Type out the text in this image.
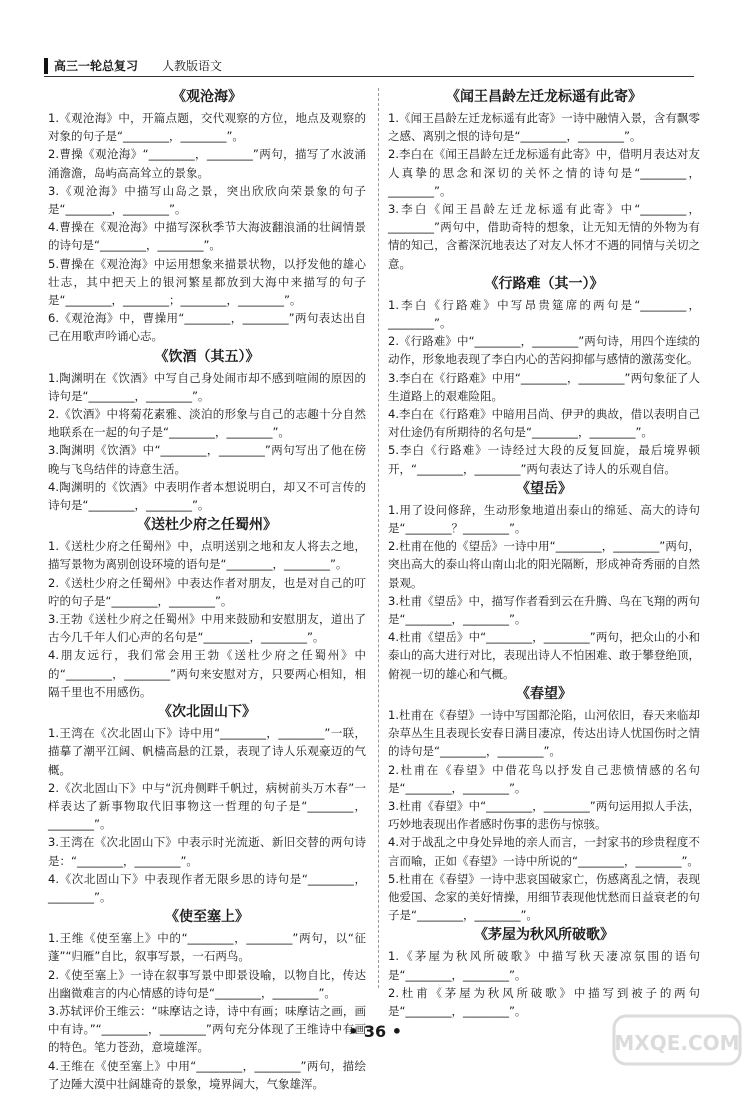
高三一轮总复习 人教版语文
《观沧海》

1.《观沧海》中，开篇点题，交代观察的方位，地点及观察的对象的句子是“________，________”。

2.曹操《观沧海》“________，________”两句，描写了水波涌涌澹澹，岛屿高高耸立的景象。

3.《观沧海》中描写山岛之景，突出欣欣向荣景象的句子是“________，________”。

4.曹操在《观沧海》中描写深秋季节大海波翻浪涌的壮阔情景的诗句是“________，________”。

5.曹操在《观沧海》中运用想象来描景状物，以抒发他的雄心壮志，其中把天上的银河繁星都放到大海中来描写的句子是“________，________；________，________”。

6.《观沧海》中，曹操用“________，________”两句表达出自己在用歌声吟诵心志。

《饮酒（其五）》

1.陶渊明在《饮酒》中写自己身处闹市却不感到喧闹的原因的诗句是“________，________”。

2.《饮酒》中将菊花素雅、淡泊的形象与自己的志趣十分自然地联系在一起的句子是“________，________”。

3.陶渊明《饮酒》中“________，________”两句写出了他在傍晚与飞鸟结伴的诗意生活。

4.陶渊明的《饮酒》中表明作者本想说明白，却又不可言传的诗句是“________，________”。

《送杜少府之任蜀州》

1.《送杜少府之任蜀州》中，点明送别之地和友人将去之地，描写景物为离别创设环境的语句是“________，________”。

2.《送杜少府之任蜀州》中表达作者对朋友，也是对自己的叮咛的句子是“________，________”。

3.王勃《送杜少府之任蜀州》中用来鼓励和安慰朋友，道出了古今几千年人们心声的名句是“________，________”。

4.朋友远行，我们常会用王勃《送杜少府之任蜀州》中的“________，________”两句来安慰对方，只要两心相知，相隔千里也不用感伤。

《次北固山下》

1.王湾在《次北固山下》诗中用“________，________”一联，描摹了潮平江阔、帆樯高悬的江景，表现了诗人乐观豪迈的气概。

2.《次北固山下》中与“沉舟侧畔千帆过，病树前头万木春”一样表达了新事物取代旧事物这一哲理的句子是“________，________”。

3.王湾在《次北固山下》中表示时光流逝、新旧交替的两句诗是：“________，________”。

4.《次北固山下》中表现作者无限乡思的诗句是“________，________”。

《使至塞上》

1.王维《使至塞上》中的“________，________”两句，以“征蓬”“归雁”自比，叙事写景，一石两鸟。

2.《使至塞上》一诗在叙事写景中即景设喻，以物自比，传达出幽微难言的内心情感的诗句是“________，________”。

3.苏轼评价王维云：“味摩诘之诗，诗中有画；味摩诘之画，画中有诗。”“________，________”两句充分体现了王维诗中有画的特色。笔力苍劲，意境雄浑。

4.王维在《使至塞上》中用“________，________”两句，描绘了边陲大漠中壮阔雄奇的景象，境界阔大，气象雄浑。

《闻王昌龄左迁龙标遥有此寄》

1.《闻王昌龄左迁龙标遥有此寄》一诗中融情入景，含有飘零之感、离别之恨的诗句是“________，________”。

2.李白在《闻王昌龄左迁龙标遥有此寄》中，借明月表达对友人真挚的思念和深切的关怀之情的诗句是“________，________”。

3.李白《闻王昌龄左迁龙标遥有此寄》中“________，________”两句中，借助奇特的想象，让无知无情的外物为有情的知己，含蓄深沉地表达了对友人怀才不遇的同情与关切之意。

《行路难（其一）》

1.李白《行路难》中写昂贵筵席的两句是“________，________”。

2.《行路难》中“________，________”两句诗，用四个连续的动作，形象地表现了李白内心的苦闷抑郁与感情的激荡变化。

3.李白在《行路难》中用“________，________”两句象征了人生道路上的艰难险阻。

4.李白在《行路难》中暗用吕尚、伊尹的典故，借以表明自己对仕途仍有所期待的名句是“________，________”。

5.李白《行路难》一诗经过大段的反复回旋，最后境界顿开，“________，________”两句表达了诗人的乐观自信。

《望岳》

1.用了设问修辞，生动形象地道出泰山的绵延、高大的诗句是“________？________”。

2.杜甫在他的《望岳》一诗中用“________，________”两句，突出高大的泰山将山南山北的阳光隔断，形成神奇秀丽的自然景观。

3.杜甫《望岳》中，描写作者看到云在升腾、鸟在飞翔的两句是“________，________”。

4.杜甫《望岳》中“________，________”两句，把众山的小和泰山的高大进行对比，表现出诗人不怕困难、敢于攀登绝顶，俯视一切的雄心和气概。

《春望》

1.杜甫在《春望》一诗中写国都沦陷，山河依旧，春天来临却杂草丛生且表现长安春日满目凄凉，传达出诗人忧国伤时之情的诗句是“________，________”。

2.杜甫在《春望》中借花鸟以抒发自己悲愤情感的名句是“________，________”。

3.杜甫《春望》中“________，________”两句运用拟人手法，巧妙地表现出作者感时伤事的悲伤与惊骇。

4.对于战乱之中身处异地的亲人而言，一封家书的珍贵程度不言而喻，正如《春望》一诗中所说的“________，________”。

5.杜甫在《春望》一诗中悲哀国破家亡，伤感离乱之情，表现他爱国、念家的美好情操，用细节表现他忧愁而日益衰老的句子是“________，________”。

《茅屋为秋风所破歌》

1.《茅屋为秋风所破歌》中描写秋天凄凉氛围的语句是“________，________”。

2.杜甫《茅屋为秋风所破歌》中描写到被子的两句是“________，________”。

• 36 •	MXQE.COM
